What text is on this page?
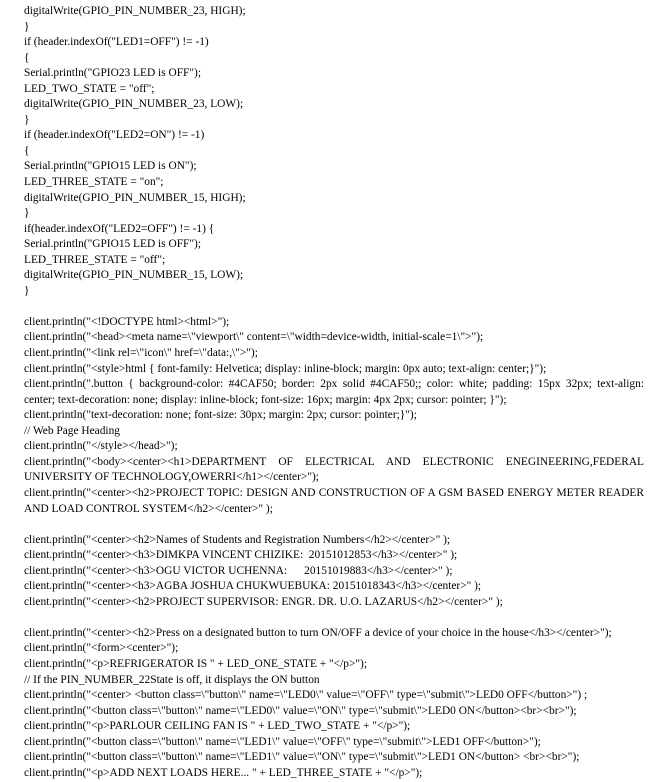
digitalWrite(GPIO_PIN_NUMBER_23, HIGH);
}
if (header.indexOf("LED1=OFF") != -1)
{
Serial.println("GPIO23 LED is OFF");
LED_TWO_STATE = "off";
digitalWrite(GPIO_PIN_NUMBER_23, LOW);
}
if (header.indexOf("LED2=ON") != -1)
{
Serial.println("GPIO15 LED is ON");
LED_THREE_STATE = "on";
digitalWrite(GPIO_PIN_NUMBER_15, HIGH);
}
if(header.indexOf("LED2=OFF") != -1) {
Serial.println("GPIO15 LED is OFF");
LED_THREE_STATE = "off";
digitalWrite(GPIO_PIN_NUMBER_15, LOW);
}
client.println("<!DOCTYPE html><html>");
client.println("<head><meta name=\"viewport\" content=\"width=device-width, initial-scale=1\">");
client.println("<link rel=\"icon\" href=\"data:,\">");
client.println("<style>html { font-family: Helvetica; display: inline-block; margin: 0px auto; text-align: center;}");
client.println(".button { background-color: #4CAF50; border: 2px solid #4CAF50;; color: white; padding: 15px 32px; text-align: center; text-decoration: none; display: inline-block; font-size: 16px; margin: 4px 2px; cursor: pointer; }");
client.println("text-decoration: none; font-size: 30px; margin: 2px; cursor: pointer;}");
// Web Page Heading
client.println("</style></head>");
client.println("<body><center><h1>DEPARTMENT OF ELECTRICAL AND ELECTRONIC ENEGINEERING,FEDERAL UNIVERSITY OF TECHNOLOGY,OWERRI</h1></center>");
client.println("<center><h2>PROJECT TOPIC: DESIGN AND CONSTRUCTION OF A GSM BASED ENERGY METER READER AND LOAD CONTROL SYSTEM</h2></center>" );
client.println("<center><h2>Names of Students and Registration Numbers</h2></center>" );
client.println("<center><h3>DIMKPA VINCENT CHIZIKE:  20151012853</h3></center>" );
client.println("<center><h3>OGU VICTOR UCHENNA:      20151019883</h3></center>" );
client.println("<center><h3>AGBA JOSHUA CHUKWUEBUKA: 20151018343</h3></center>" );
client.println("<center><h2>PROJECT SUPERVISOR: ENGR. DR. U.O. LAZARUS</h2></center>" );
client.println("<center><h2>Press on a designated button to turn ON/OFF a device of your choice in the house</h3></center>");
client.println("<form><center>");
client.println("<p>REFRIGERATOR IS " + LED_ONE_STATE + "</p>");
// If the PIN_NUMBER_22State is off, it displays the ON button
client.println("<center> <button class=\"button\" name=\"LED0\" value=\"OFF\" type=\"submit\">LED0 OFF</button>") ;
client.println("<button class=\"button\" name=\"LED0\" value=\"ON\" type=\"submit\">LED0 ON</button><br><br>");
client.println("<p>PARLOUR CEILING FAN IS " + LED_TWO_STATE + "</p>");
client.println("<button class=\"button\" name=\"LED1\" value=\"OFF\" type=\"submit\">LED1 OFF</button>");
client.println("<button class=\"button\" name=\"LED1\" value=\"ON\" type=\"submit\">LED1 ON</button> <br><br>");
client.println("<p>ADD NEXT LOADS HERE... " + LED_THREE_STATE + "</p>");
